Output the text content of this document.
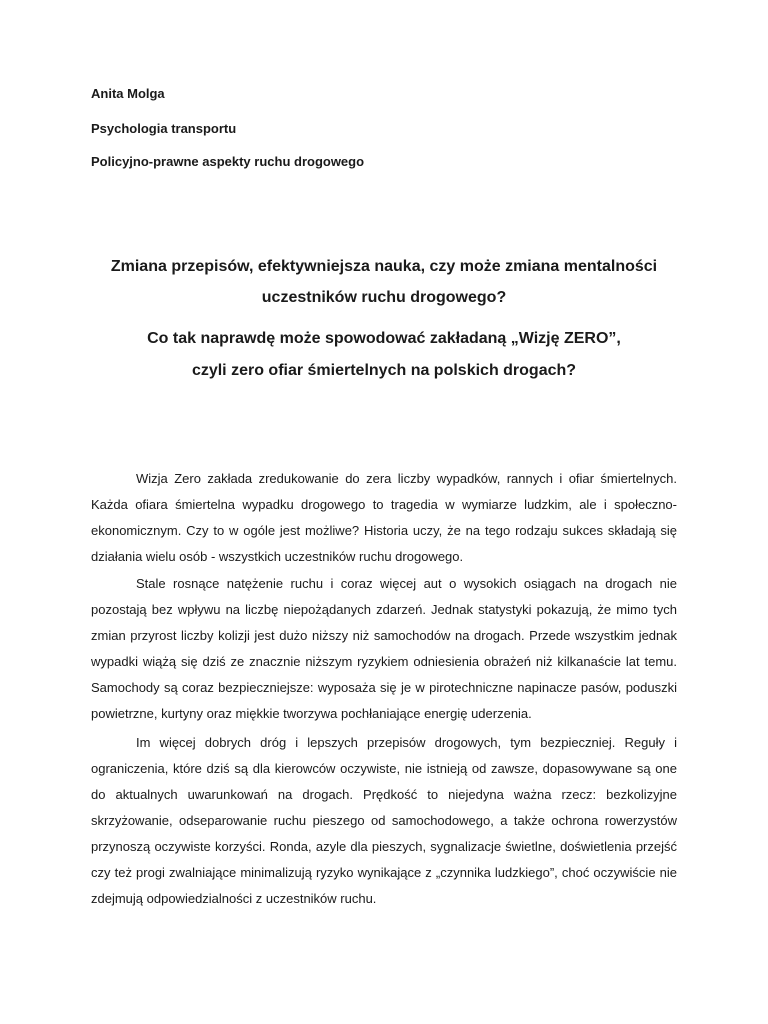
Anita Molga
Psychologia transportu
Policyjno-prawne aspekty ruchu drogowego
Zmiana przepisów, efektywniejsza nauka, czy może zmiana mentalności
uczestników ruchu drogowego?
Co tak naprawdę może spowodować zakładaną „Wizję ZERO”,
czyli zero ofiar śmiertelnych na polskich drogach?

Wizja Zero zakłada zredukowanie do zera liczby wypadków, rannych i ofiar śmiertelnych. Każda ofiara śmiertelna wypadku drogowego to tragedia w wymiarze ludzkim, ale i społeczno-ekonomicznym. Czy to w ogóle jest możliwe? Historia uczy, że na tego rodzaju sukces składają się działania wielu osób - wszystkich uczestników ruchu drogowego.

Stale rosnące natężenie ruchu i coraz więcej aut o wysokich osiągach na drogach nie pozostają bez wpływu na liczbę niepożądanych zdarzeń. Jednak statystyki pokazują, że mimo tych zmian przyrost liczby kolizji jest dużo niższy niż samochodów na drogach. Przede wszystkim jednak wypadki wiążą się dziś ze znacznie niższym ryzykiem odniesienia obrażeń niż kilkanaście lat temu. Samochody są coraz bezpieczniejsze: wyposaża się je w pirotechniczne napinacze pasów, poduszki powietrzne, kurtyny oraz miękkie tworzywa pochłaniające energię uderzenia.

Im więcej dobrych dróg i lepszych przepisów drogowych, tym bezpieczniej. Reguły i ograniczenia, które dziś są dla kierowców oczywiste, nie istnieją od zawsze, dopasowywane są one do aktualnych uwarunkowań na drogach. Prędkość to niejedyna ważna rzecz: bezkolizyjne skrzyżowanie, odseparowanie ruchu pieszego od samochodowego, a także ochrona rowerzystów przynoszą oczywiste korzyści. Ronda, azyle dla pieszych, sygnalizacje świetlne, doświetlenia przejść czy też progi zwalniające minimalizują ryzyko wynikające z „czynnika ludzkiego”, choć oczywiście nie zdejmują odpowiedzialności z uczestników ruchu.
